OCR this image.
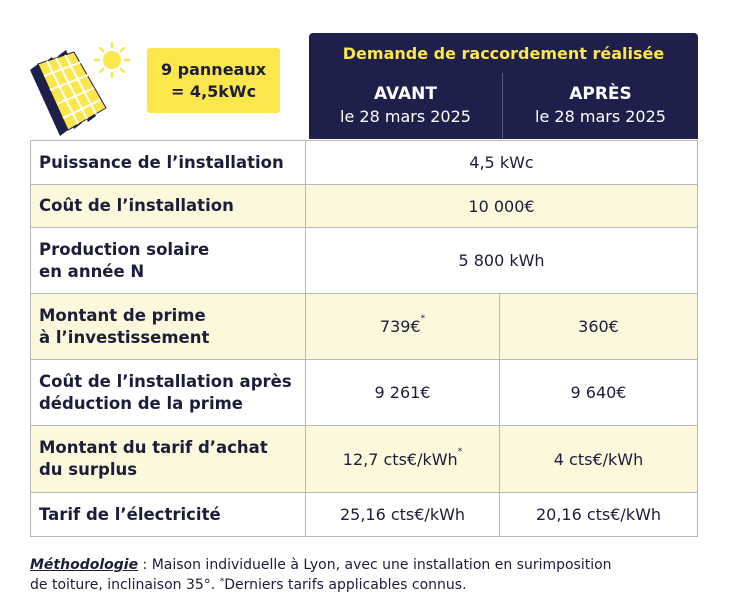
9 panneaux
= 4,5kWc
Demande de raccordement réalisée
AVANT
le 28 mars 2025
APRÈS
le 28 mars 2025
Puissance de l’installation	4,5 kWc	
Coût de l’installation	10 000€	
Production solaire
en année N	5 800 kWh	
Montant de prime
à l’investissement	739€*	360€
Coût de l’installation après
déduction de la prime	9 261€	9 640€
Montant du tarif d’achat
du surplus	12,7 cts€/kWh*	4 cts€/kWh
Tarif de l’électricité	25,16 cts€/kWh	20,16 cts€/kWh
Méthodologie : Maison individuelle à Lyon, avec une installation en surimposition
de toiture, inclinaison 35°. *Derniers tarifs applicables connus.
